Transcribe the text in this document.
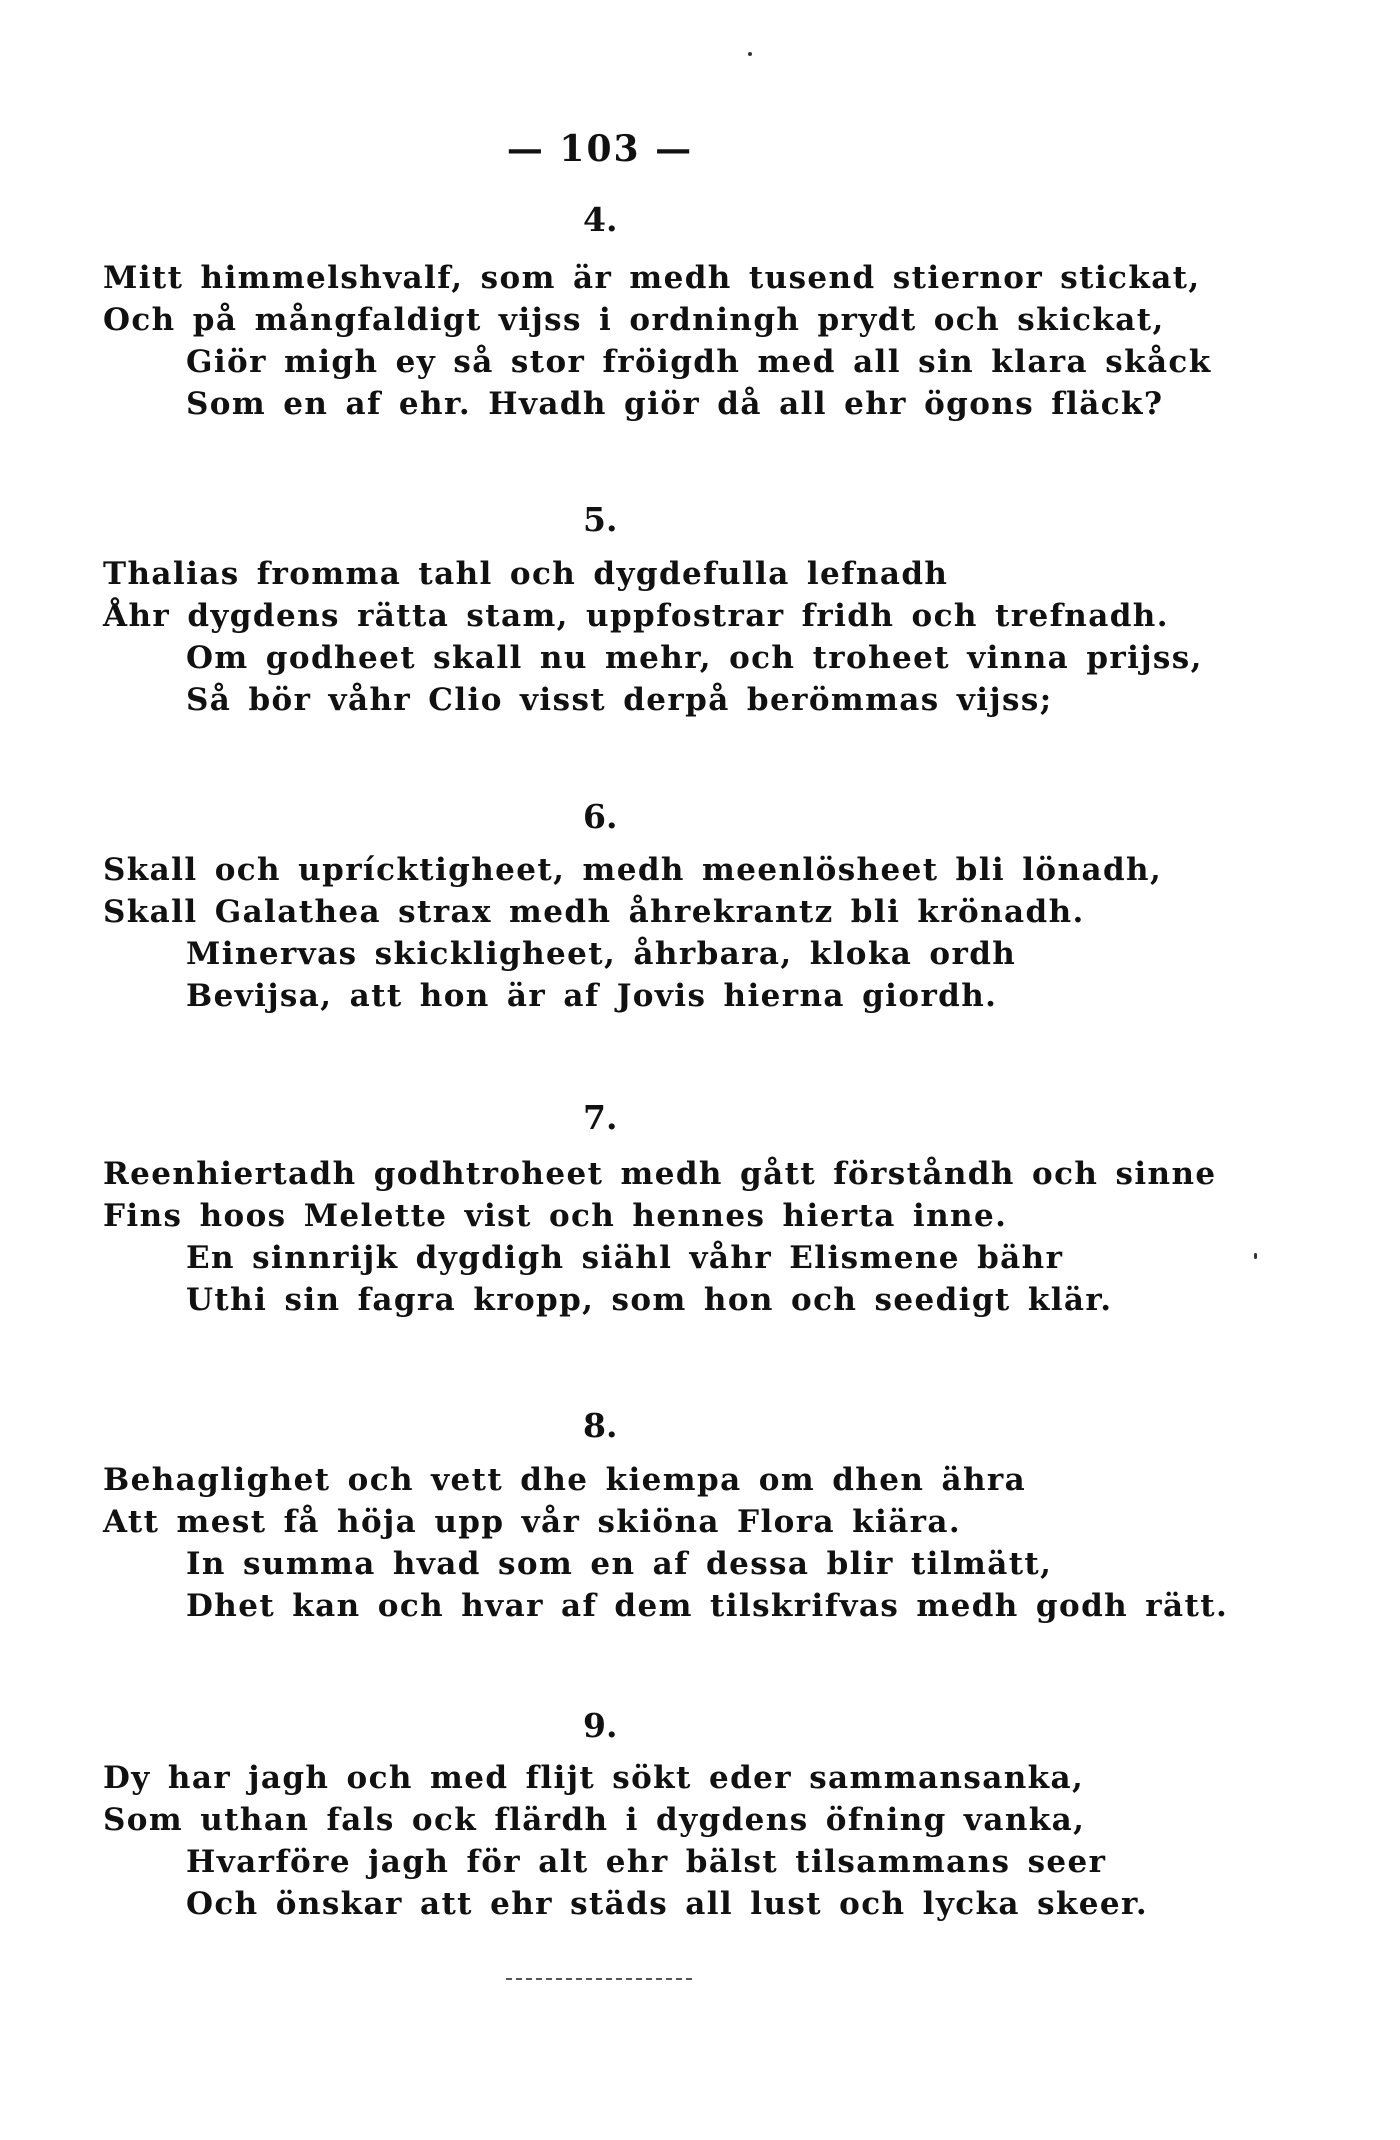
— 103 —
4.
Mitt himmelshvalf, som är medh tusend stiernor stickat,
Och på mångfaldigt vijss i ordningh prydt och skickat,
Giör migh ey så stor fröigdh med all sin klara skåck
Som en af ehr. Hvadh giör då all ehr ögons fläck?
5.
Thalias fromma tahl och dygdefulla lefnadh
Åhr dygdens rätta stam, uppfostrar fridh och trefnadh.
Om godheet skall nu mehr, och troheet vinna prijss,
Så bör våhr Clio visst derpå berömmas vijss;
6.
Skall och uprícktigheet, medh meenlösheet bli lönadh,
Skall Galathea strax medh åhrekrantz bli krönadh.
Minervas skickligheet, åhrbara, kloka ordh
Bevijsa, att hon är af Jovis hierna giordh.
7.
Reenhiertadh godhtroheet medh gått förståndh och sinne
Fins hoos Melette vist och hennes hierta inne.
En sinnrijk dygdigh siähl våhr Elismene bähr
Uthi sin fagra kropp, som hon och seedigt klär.
8.
Behaglighet och vett dhe kiempa om dhen ähra
Att mest få höja upp vår skiöna Flora kiära.
In summa hvad som en af dessa blir tilmätt,
Dhet kan och hvar af dem tilskrifvas medh godh rätt.
9.
Dy har jagh och med flijt sökt eder sammansanka,
Som uthan fals ock flärdh i dygdens öfning vanka,
Hvarföre jagh för alt ehr bälst tilsammans seer
Och önskar att ehr städs all lust och lycka skeer.
